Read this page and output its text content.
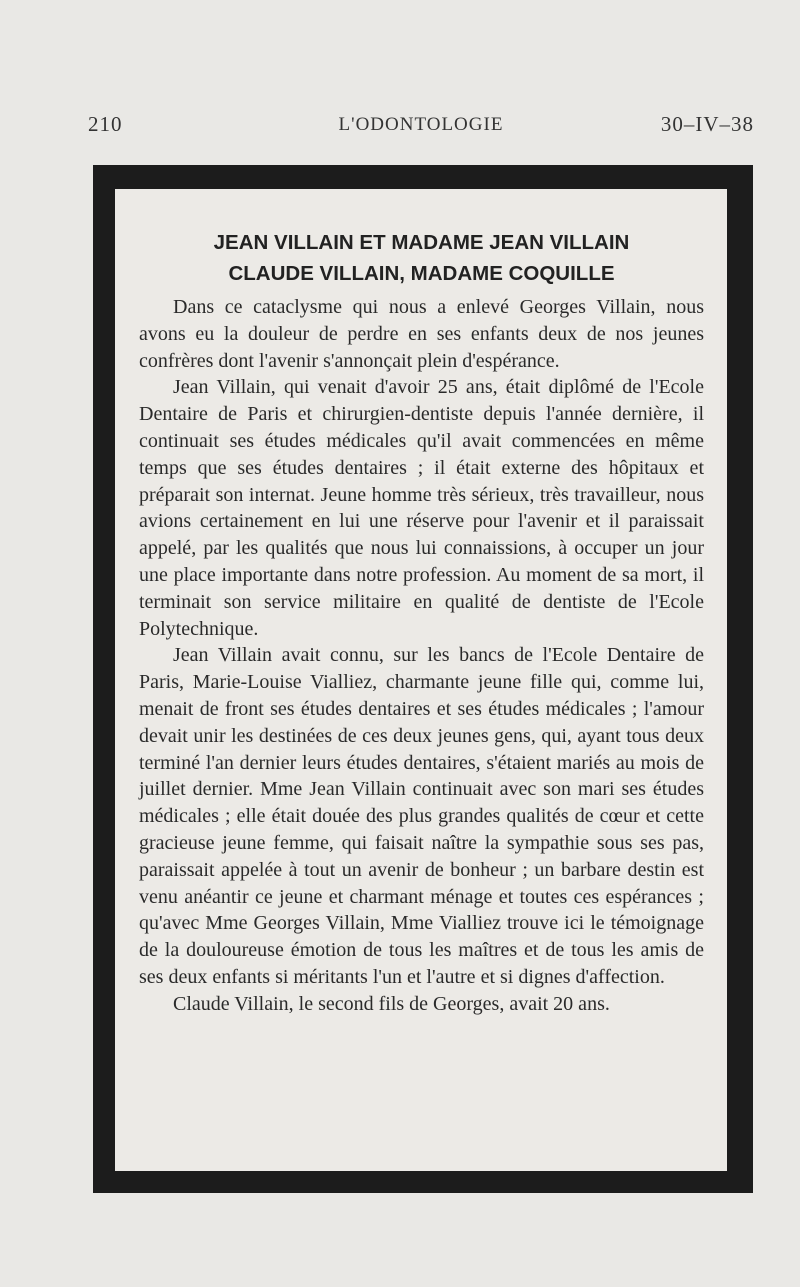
210	L'ODONTOLOGIE	30–IV–38
JEAN VILLAIN ET MADAME JEAN VILLAIN
CLAUDE VILLAIN, MADAME COQUILLE

Dans ce cataclysme qui nous a enlevé Georges Villain, nous avons eu la douleur de perdre en ses enfants deux de nos jeunes confrères dont l'avenir s'annonçait plein d'espérance.

Jean Villain, qui venait d'avoir 25 ans, était diplômé de l'Ecole Dentaire de Paris et chirurgien-dentiste depuis l'année dernière, il continuait ses études médicales qu'il avait commencées en même temps que ses études dentaires ; il était externe des hôpitaux et préparait son internat. Jeune homme très sérieux, très travailleur, nous avions certainement en lui une réserve pour l'avenir et il paraissait appelé, par les qualités que nous lui connaissions, à occuper un jour une place importante dans notre profession. Au moment de sa mort, il terminait son service militaire en qualité de dentiste de l'Ecole Polytechnique.

Jean Villain avait connu, sur les bancs de l'Ecole Dentaire de Paris, Marie-Louise Vialliez, charmante jeune fille qui, comme lui, menait de front ses études dentaires et ses études médicales ; l'amour devait unir les destinées de ces deux jeunes gens, qui, ayant tous deux terminé l'an dernier leurs études dentaires, s'étaient mariés au mois de juillet dernier. Mme Jean Villain continuait avec son mari ses études médicales ; elle était douée des plus grandes qualités de cœur et cette gracieuse jeune femme, qui faisait naître la sympathie sous ses pas, paraissait appelée à tout un avenir de bonheur ; un barbare destin est venu anéantir ce jeune et charmant ménage et toutes ces espérances ; qu'avec Mme Georges Villain, Mme Vialliez trouve ici le témoignage de la douloureuse émotion de tous les maîtres et de tous les amis de ses deux enfants si méritants l'un et l'autre et si dignes d'affection.

Claude Villain, le second fils de Georges, avait 20 ans.
